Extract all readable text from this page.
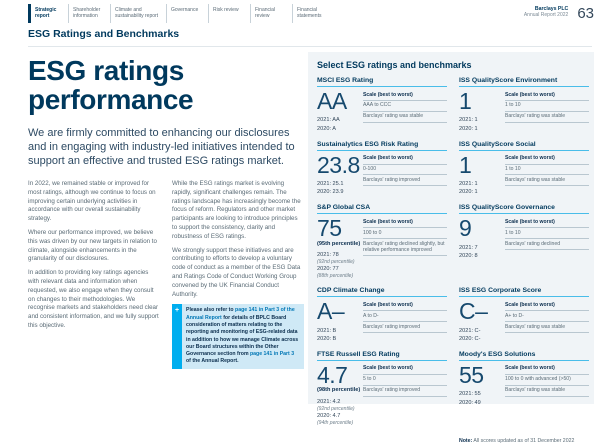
Strategic report
Shareholder information
Climate and sustainability report
Governance	Risk review	Financial review
Financial statements
Barclays PLC
Annual Report 2022 63
ESG Ratings and Benchmarks
ESG ratings performance
We are firmly committed to enhancing our disclosures and in engaging with industry-led initiatives intended to support an effective and trusted ESG ratings market.

In 2022, we remained stable or improved for most ratings, although we continue to focus on improving certain underlying activities in accordance with our overall sustainability strategy.

Where our performance improved, we believe this was driven by our new targets in relation to climate, alongside enhancements in the granularity of our disclosures.

In addition to providing key ratings agencies with relevant data and information when requested, we also engage when they consult on changes to their methodologies. We recognise markets and stakeholders need clear and consistent information, and we fully support this objective.

While the ESG ratings market is evolving rapidly, significant challenges remain. The ratings landscape has increasingly become the focus of reform. Regulators and other market participants are looking to introduce principles to support the consistency, clarity and robustness of ESG ratings.

We strongly support these initiatives and are contributing to efforts to develop a voluntary code of conduct as a member of the ESG Data and Ratings Code of Conduct Working Group convened by the UK Financial Conduct Authority.

+	Please also refer to page 141 in Part 3 of the Annual Report for details of BPLC Board consideration of matters relating to the reporting and monitoring of ESG-related data in addition to how we manage Climate across our Board structures within the Other Governance section from page 141 in Part 3 of the Annual Report.
Select ESG ratings and benchmarks
MSCI ESG Rating
AA
2021: AA
2020: A
Scale (best to worst)
AAA to CCC
Barclays' rating was stable
ISS QualityScore Environment
1
2021: 1
2020: 1
Scale (best to worst)
1 to 10
Barclays' rating was stable
Sustainalytics ESG Risk Rating
23.8
2021: 25.1
2020: 23.9
Scale (best to worst)
0-100
Barclays' rating improved
ISS QualityScore Social
1
2021: 1
2020: 1
Scale (best to worst)
1 to 10
Barclays' rating was stable
S&P Global CSA
75
(95th percentile)
2021: 78
(92nd percentile)
2020: 77
(88th percentile)
Scale (best to worst)
100 to 0
Barclays' rating declined slightly, but relative performance improved
ISS QualityScore Governance
9
2021: 7
2020: 8
Scale (best to worst)
1 to 10
Barclays' rating declined
CDP Climate Change
A–
2021: B
2020: B
Scale (best to worst)
A to D-
Barclays' rating improved
ISS ESG Corporate Score
C–
2021: C-
2020: C-
Scale (best to worst)
A+ to D-
Barclays' rating was stable
FTSE Russell ESG Rating
4.7
(98th percentile)
2021: 4.2
(92nd percentile)
2020: 4.7
(94th percentile)
Scale (best to worst)
5 to 0
Barclays' rating improved
Moody's ESG Solutions
55
2021: 55
2020: 49
Scale (best to worst)
100 to 0 with advanced (>50)
Barclays' rating was stable
Note: All scores updated as of 31 December 2022
